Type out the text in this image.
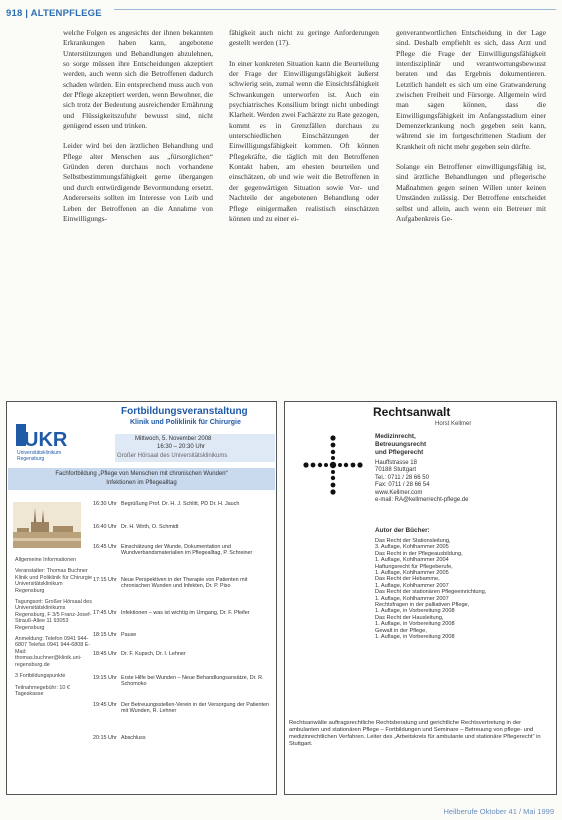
918 | ALTENPFLEGE

welche Folgen es angesichts der ihnen bekannten Erkrankungen haben kann, angebotene Unterstützungen und Behandlungen abzulehnen, so sorge müssen ihre Entscheidungen akzeptiert werden, auch wenn sich die Betroffenen dadurch schaden würden. Ein entsprechend muss auch von der Pflege akzeptiert werden, wenn Bewohner, die sich trotz der Bedeutung ausreichender Ernährung und Flüssigkeitszufuhr bewusst sind, nicht genügend essen und trinken.

Leider wird bei den ärztlichen Behandlung und Pflege alter Menschen aus „fürsorglichen“ Gründen deren durchaus noch vorhandene Selbstbestimmungsfähigkeit gerne übergangen und durch entwürdigende Bevormundung ersetzt. Andererseits sollten im Interesse von Leib und Leben der Betroffenen an die Annahme von Einwilligungs-

fähigkeit auch nicht zu geringe Anforderungen gestellt werden (17).

In einer konkreten Situation kann die Beurteilung der Frage der Einwilligungsfähigkeit äußerst schwierig sein, zumal wenn die Einsichtsfähigkeit Schwankungen unterworfen ist. Auch ein psychiatrisches Konsilium bringt nicht unbedingt Klarheit. Werden zwei Fachärzte zu Rate gezogen, kommt es in Grenzfällen durchaus zu unterschiedlichen Einschätzungen der Einwilligungsfähigkeit kommen. Oft können Pflegekräfte, die täglich mit den Betroffenen Kontakt haben, am ehesten beurteilen und einschätzen, ob und wie weit die Betroffenen in der gegenwärtigen Situation sowie Vor- und Nachteile der angebotenen Behandlung oder Pflege einigermaßen realistisch einschätzen können und zu einer ei-

genverantwortlichen Entscheidung in der Lage sind. Deshalb empfiehlt es sich, dass Arzt und Pflege die Frage der Einwilligungsfähigkeit interdisziplinär und verantwortungsbewusst beraten und das Ergebnis dokumentieren. Letztlich handelt es sich um eine Gratwanderung zwischen Freiheit und Fürsorge. Allgemein wird man sagen können, dass die Einwilligungsfähigkeit im Anfangsstadium einer Demenzerkrankung noch gegeben sein kann, während sie im fortgeschrittenen Stadium der Krankheit oft nicht mehr gegeben sein dürfte.

Solange ein Betroffener einwilligungsfähig ist, sind ärztliche Behandlungen und pflegerische Maßnahmen gegen seinen Willen unter keinen Umständen zulässig. Der Betroffene entscheidet selbst und allein, auch wenn ein Betreuer mit Aufgabenkreis Ge-

UKR
Universitätsklinikum
Regensburg
Fortbildungsveranstaltung
Klinik und Poliklinik für Chirurgie
Mittwoch, 5. November 2008
16:30 – 20:30 Uhr
Großer Hörsaal des Universitätsklinikums
Fachfortbildung „Pflege von Menschen mit chronischen Wunden“
Infektionen im Pflegealltag
Allgemeine Informationen
Veranstalter: Thomas Buchner Klinik und Poliklinik für Chirurgie Universitätsklinikum Regensburg
Tagungsort: Großer Hörsaal des Universitätsklinikums Regensburg, F 3/5 Franz-Josef-Strauß-Allee 11 93053 Regensburg
Anmeldung: Telefon 0941 944-6807 Telefax 0941 944-6808 E-Mail: thomas.buchner@klinik.uni-regensburg.de
3 Fortbildungspunkte
Teilnahmegebühr: 10 € Tageskasse
16:30 Uhr Begrüßung Prof. Dr. H. J. Schlitt, PD Dr. H. Jauch
16:40 Uhr Dr. H. Wirth, O. Schmidt
16:45 Uhr Einschätzung der Wunde, Dokumentation und Wundverbandsmaterialien im Pflegealltag, P. Schreiner
17:15 Uhr Neue Perspektiven in der Therapie von Patienten mit chronischen Wunden und Infekten, Dr. P. Piso
17:45 Uhr Infektionen – was ist wichtig im Umgang, Dr. F. Pfeifer
18:15 Uhr Pause
18:45 Uhr Dr. F. Kupsch, Dr. I. Lehner
19:15 Uhr Erste Hilfe bei Wunden – Neue Behandlungsansätze, Dr. R. Schomoko
19:45 Uhr Der Betreuungsstellen-Verein in der Versorgung der Patienten mit Wunden, R. Lehner
20:15 Uhr Abschluss
Rechtsanwalt
Horst Kellmer
Medizinrecht,
Betreuungsrecht
und Pflegerecht
Hauffstrasse 18
70188 Stuttgart
Tel.: 0711 / 28 66 50
Fax: 0711 / 28 66 54
www.Kellmer.com
e-mail: RA@kellmerrecht-pflege.de
Autor der Bücher:
Das Recht der Stationsleitung,
3. Auflage, Kohlhammer 2005
Das Recht in der Pflegeausbildung,
1. Auflage, Kohlhammer 2004
Haftungsrecht für Pflegeberufe,
1. Auflage, Kohlhammer 2005
Das Recht der Hebamme,
1. Auflage, Kohlhammer 2007
Das Recht der stationären Pflegeeinrichtung,
1. Auflage, Kohlhammer 2007
Rechtsfragen in der palliativen Pflege,
1. Auflage, in Vorbereitung 2008
Das Recht der Hausleitung,
1. Auflage, in Vorbereitung 2008
Gewalt in der Pflege,
1. Auflage, in Vorbereitung 2008
Rechtsanwälte auftragsrechtliche Rechtsberatung und gerichtliche Rechtsvertretung in der ambulanten und stationären Pflege – Fortbildungen und Seminare – Betreuung von pflege- und medizinrechtlichen Verfahren. Leiter des „Arbeitskreis für ambulante und stationäre Pflegerecht“ in Stuttgart.
Heilberufe Oktober 41 / Mai 1999
